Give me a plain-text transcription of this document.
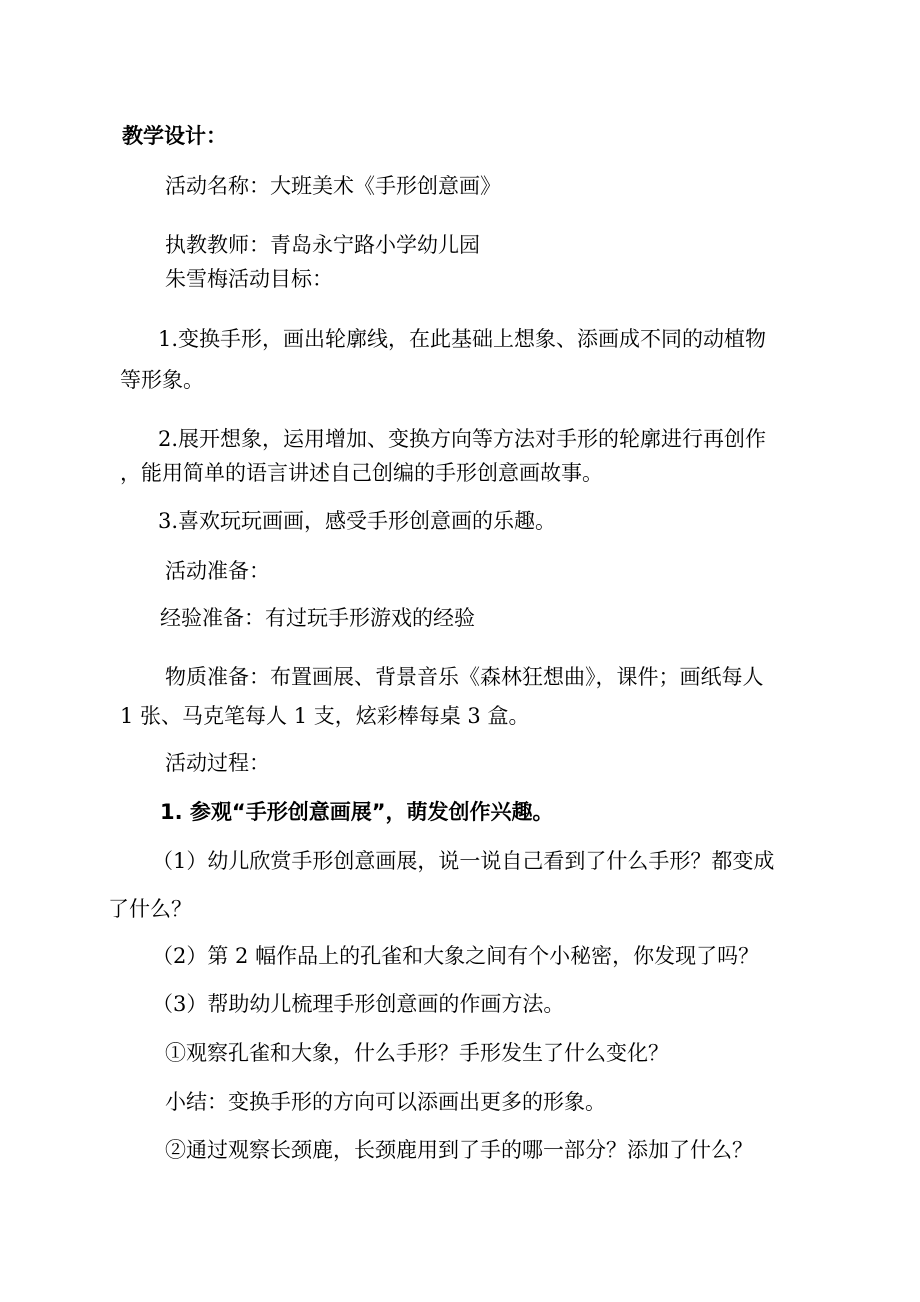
教学设计：

活动名称：大班美术《手形创意画》

执教教师：青岛永宁路小学幼儿园

朱雪梅活动目标：

1.变换手形，画出轮廓线，在此基础上想象、添画成不同的动植物

等形象。

2.展开想象，运用增加、变换方向等方法对手形的轮廓进行再创作

，能用简单的语言讲述自己创编的手形创意画故事。

3.喜欢玩玩画画，感受手形创意画的乐趣。

活动准备：

经验准备：有过玩手形游戏的经验

物质准备：布置画展、背景音乐《森林狂想曲》，课件；画纸每人

1 张、马克笔每人 1 支，炫彩棒每桌 3 盒。

活动过程：

1. 参观“手形创意画展”，萌发创作兴趣。

（1）幼儿欣赏手形创意画展，说一说自己看到了什么手形？都变成

了什么？

（2）第 2 幅作品上的孔雀和大象之间有个小秘密，你发现了吗？

（3）帮助幼儿梳理手形创意画的作画方法。

①观察孔雀和大象，什么手形？手形发生了什么变化？

小结：变换手形的方向可以添画出更多的形象。

②通过观察长颈鹿，长颈鹿用到了手的哪一部分？添加了什么？
